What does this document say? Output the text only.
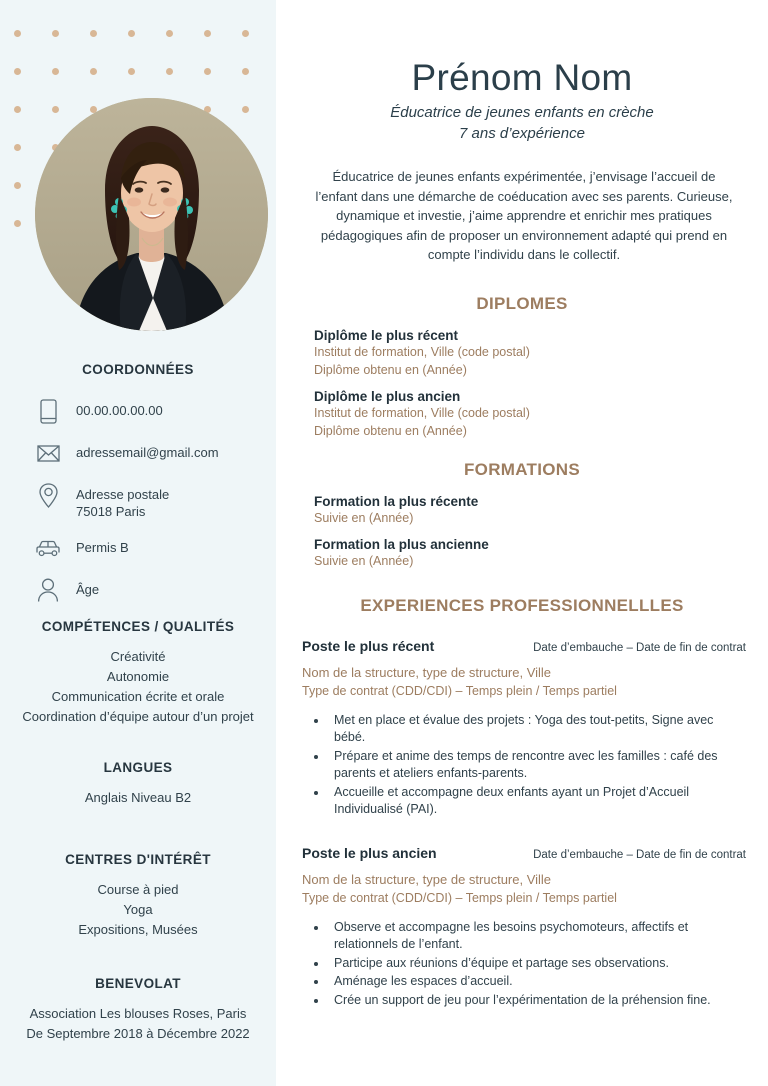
COORDONNÉES
00.00.00.00.00
adressemail@gmail.com
Adresse postale
75018 Paris
Permis B
Âge
COMPÉTENCES / QUALITÉS
Créativité
Autonomie
Communication écrite et orale
Coordination d’équipe autour d’un projet
LANGUES
Anglais Niveau B2
CENTRES D'INTÉRÊT
Course à pied
Yoga
Expositions, Musées
BENEVOLAT
Association Les blouses Roses, Paris
De Septembre 2018 à Décembre 2022
Prénom Nom
Éducatrice de jeunes enfants en crèche
7 ans d’expérience

Éducatrice de jeunes enfants expérimentée, j’envisage l’accueil de l’enfant dans une démarche de coéducation avec ses parents. Curieuse, dynamique et investie, j’aime apprendre et enrichir mes pratiques pédagogiques afin de proposer un environnement adapté qui prend en compte l’individu dans le collectif.

DIPLOMES
Diplôme le plus récent
Institut de formation, Ville (code postal)
Diplôme obtenu en (Année)
Diplôme le plus ancien
Institut de formation, Ville (code postal)
Diplôme obtenu en (Année)
FORMATIONS
Formation la plus récente
Suivie en (Année)
Formation la plus ancienne
Suivie en (Année)
EXPERIENCES PROFESSIONNELLLES
Poste le plus récent	Date d’embauche – Date de fin de contrat
Nom de la structure, type de structure, Ville
Type de contrat (CDD/CDI) – Temps plein / Temps partiel
Met en place et évalue des projets : Yoga des tout-petits, Signe avec bébé.
Prépare et anime des temps de rencontre avec les familles : café des parents et ateliers enfants-parents.
Accueille et accompagne deux enfants ayant un Projet d’Accueil Individualisé (PAI).
Poste le plus ancien	Date d’embauche – Date de fin de contrat
Nom de la structure, type de structure, Ville
Type de contrat (CDD/CDI) – Temps plein / Temps partiel
Observe et accompagne les besoins psychomoteurs, affectifs et relationnels de l’enfant.
Participe aux réunions d’équipe et partage ses observations.
Aménage les espaces d’accueil.
Crée un support de jeu pour l’expérimentation de la préhension fine.
